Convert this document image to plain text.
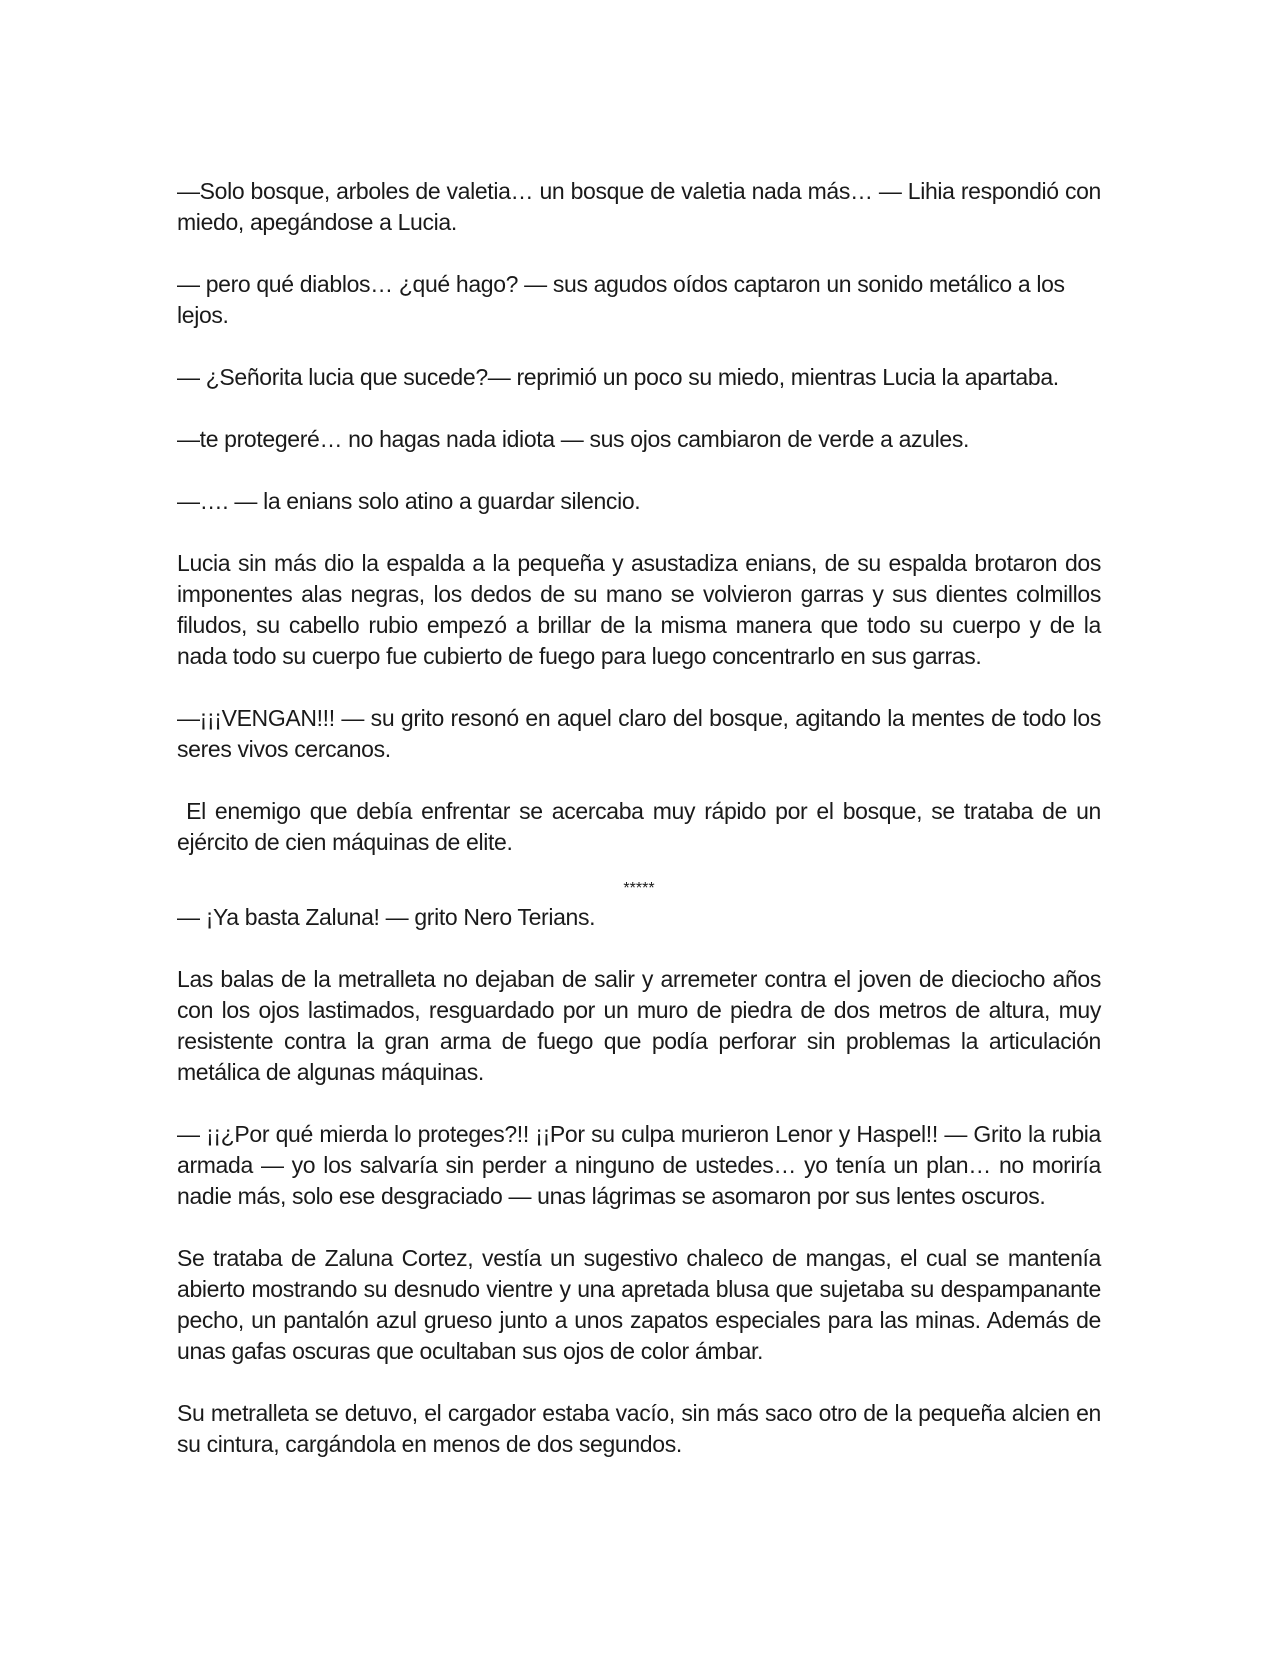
—Solo bosque, arboles de valetia… un bosque de valetia nada más… — Lihia respondió con miedo, apegándose a Lucia.

— pero qué diablos… ¿qué hago? — sus agudos oídos captaron un sonido metálico a los lejos.

— ¿Señorita lucia que sucede?— reprimió un poco su miedo, mientras Lucia la apartaba.

—te protegeré… no hagas nada idiota — sus ojos cambiaron de verde a azules.

—…. — la enians solo atino a guardar silencio.

Lucia sin más dio la espalda a la pequeña y asustadiza enians, de su espalda brotaron dos imponentes alas negras, los dedos de su mano se volvieron garras y sus dientes colmillos filudos, su cabello rubio empezó a brillar de la misma manera que todo su cuerpo y de la nada todo su cuerpo fue cubierto de fuego para luego concentrarlo en sus garras.

—¡¡¡VENGAN!!! — su grito resonó en aquel claro del bosque, agitando la mentes de todo los seres vivos cercanos.

El enemigo que debía enfrentar se acercaba muy rápido por el bosque, se trataba de un ejército de cien máquinas de elite.

*****

— ¡Ya basta Zaluna! — grito Nero Terians.

Las balas de la metralleta no dejaban de salir y arremeter contra el joven de dieciocho años con los ojos lastimados, resguardado por un muro de piedra de dos metros de altura, muy resistente contra la gran arma de fuego que podía perforar sin problemas la articulación metálica de algunas máquinas.

— ¡¡¿Por qué mierda lo proteges?!! ¡¡Por su culpa murieron Lenor y Haspel!! — Grito la rubia armada — yo los salvaría sin perder a ninguno de ustedes… yo tenía un plan… no moriría nadie más, solo ese desgraciado — unas lágrimas se asomaron por sus lentes oscuros.

Se trataba de Zaluna Cortez, vestía un sugestivo chaleco de mangas, el cual se mantenía abierto mostrando su desnudo vientre y una apretada blusa que sujetaba su despampanante pecho, un pantalón azul grueso junto a unos zapatos especiales para las minas. Además de unas gafas oscuras que ocultaban sus ojos de color ámbar.

Su metralleta se detuvo, el cargador estaba vacío, sin más saco otro de la pequeña alcien en su cintura, cargándola en menos de dos segundos.
